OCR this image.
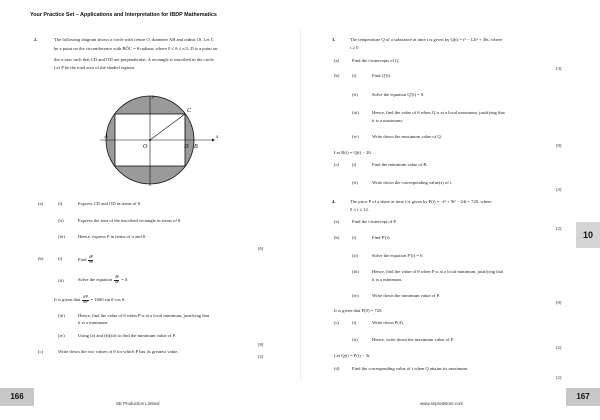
Your Practice Set – Applications and Interpretation for IBDP Mathematics
2.	The following diagram shows a circle with centre O, diameter AB and radius 10. Let C
be a point on the circumference with BÔC = θ radians, where 0 ≤ θ ≤ π/2. D is a point on
the x-axis such that CD and OD are perpendicular. A rectangle is inscribed in the circle.
Let P be the total area of the shaded regions.
A
O	D B
C
x
y
(a)	(i)	Express CD and OD in terms of θ.
(ii)	Express the area of the inscribed rectangle in terms of θ.
(iii)	Hence, express P in terms of π and θ.
[6]
(b)	(i)	Find
dP
dθ
(ii)	Solve the equation $\frac{dP}{d\theta} = 0$.
It is given that $\frac{\text{d²P}}{\text{dθ²}} = 1600$ sin θ cos θ.
(iii)	Hence, find the value of θ when P is at a local minimum, justifying that
it is a minimum.
(iv)	Using (a) and (b)(iii) to find the minimum value of P.
[8]
(c)	Write down the two values of θ for which P has its greatest value.
[2]
3.	The temperature Q of a substance at time t is given by Q(t) = t³ − 12t² + 36t, where
t ≥ 0
(a)	Find the t-intercepts of Q.
[3]
(b)	(i)	Find Q′(t).
(ii)	Solve the equation Q′(t) = 0.
(iii)	Hence, find the value of θ when Q is at a local maximum, justifying that
it is a maximum.
(iv)	Write down the maximum value of Q.
[8]
Let R(t) = Q(t) − 20.
(c)	(i)	Find the minimum value of R.
(ii)	Write down the corresponding value(s) of t.
[3]
4.	The price P of a share at time t is given by P(t) = −t³ + 9t² − 24t + 720, where
0 ≤ t ≤ 12.
(a)	Find the t-intercept of P.
[2]
(b)	(i)	Find P′(t).
(ii)	Solve the equation P′(t) = 0.
(iii)	Hence, find the value of θ when P is at a local minimum, justifying that
it is a minimum.
(iv)	Write down the minimum value of P.
[8]
It is given that P(0) = 720.
(c)	(i)	Write down P(4).
(ii)	Hence, write down the maximum value of P.
[2]
Let Q(t) = P(t) − 3t.
(d)	Find the corresponding value of t when Q attains its maximum.
[2]
10
166
SE Production Limited	www.seprodstore.com
167
